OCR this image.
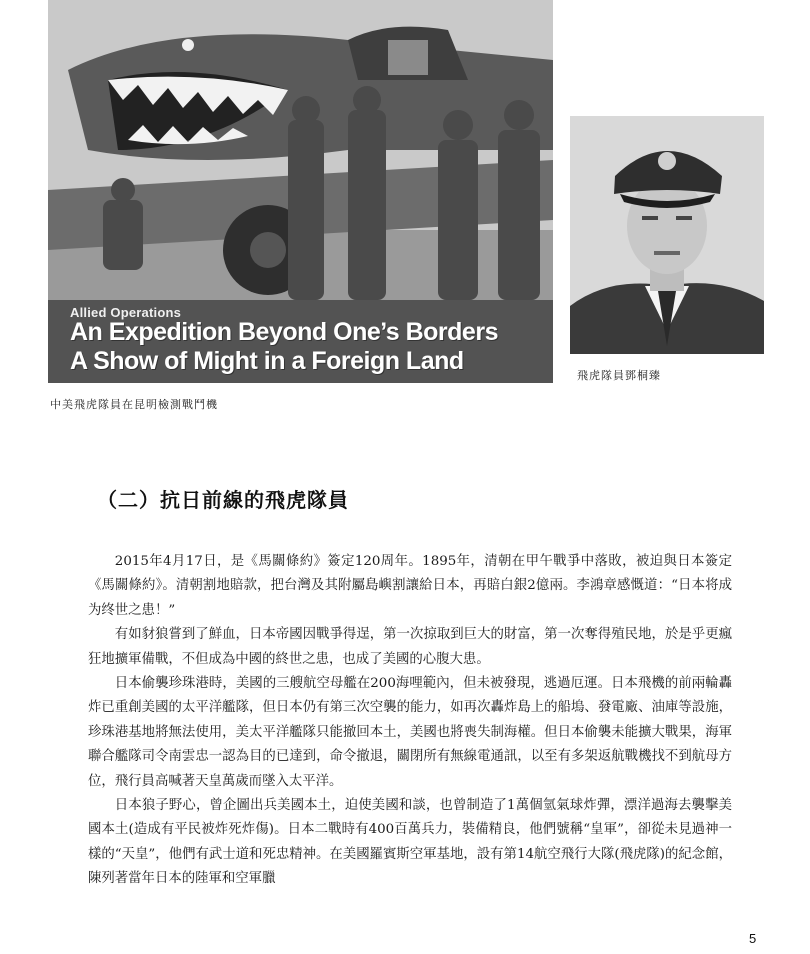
Allied Operations
An Expedition Beyond One’s Borders
A Show of Might in a Foreign Land
中美飛虎隊員在昆明檢測戰鬥機
飛虎隊員鄧桐臻
（二）抗日前線的飛虎隊員

2015年4月17日，是《馬關條約》簽定120周年。1895年，清朝在甲午戰爭中落敗，被迫與日本簽定《馬關條約》。清朝割地賠款，把台灣及其附屬島嶼割讓給日本，再賠白銀2億兩。李鴻章感慨道：“日本将成为终世之患！”

有如豺狼嘗到了鮮血，日本帝國因戰爭得逞，第一次掠取到巨大的財富，第一次奪得殖民地，於是乎更瘋狂地擴軍備戰，不但成為中國的終世之患，也成了美國的心腹大患。

日本偷襲珍珠港時，美國的三艘航空母艦在200海哩範內，但未被發現，逃過厄運。日本飛機的前兩輪轟炸已重創美國的太平洋艦隊，但日本仍有第三次空襲的能力，如再次轟炸島上的船塢、發電廠、油庫等設施，珍珠港基地將無法使用，美太平洋艦隊只能撤回本土，美國也將喪失制海權。但日本偷襲未能擴大戰果，海軍聯合艦隊司令南雲忠一認為目的已達到，命令撤退，關閉所有無線電通訊，以至有多架返航戰機找不到航母方位，飛行員高喊著天皇萬歲而墜入太平洋。

日本狼子野心，曾企圖出兵美國本土，迫使美國和談，也曾制造了1萬個氫氣球炸彈，漂洋過海去襲擊美國本土(造成有平民被炸死炸傷)。日本二戰時有400百萬兵力，裝備精良，他們號稱“皇軍”，卻從未見過神一樣的“天皇”，他們有武士道和死忠精神。在美國羅賓斯空軍基地，設有第14航空飛行大隊(飛虎隊)的紀念館，陳列著當年日本的陸軍和空軍臘

5
